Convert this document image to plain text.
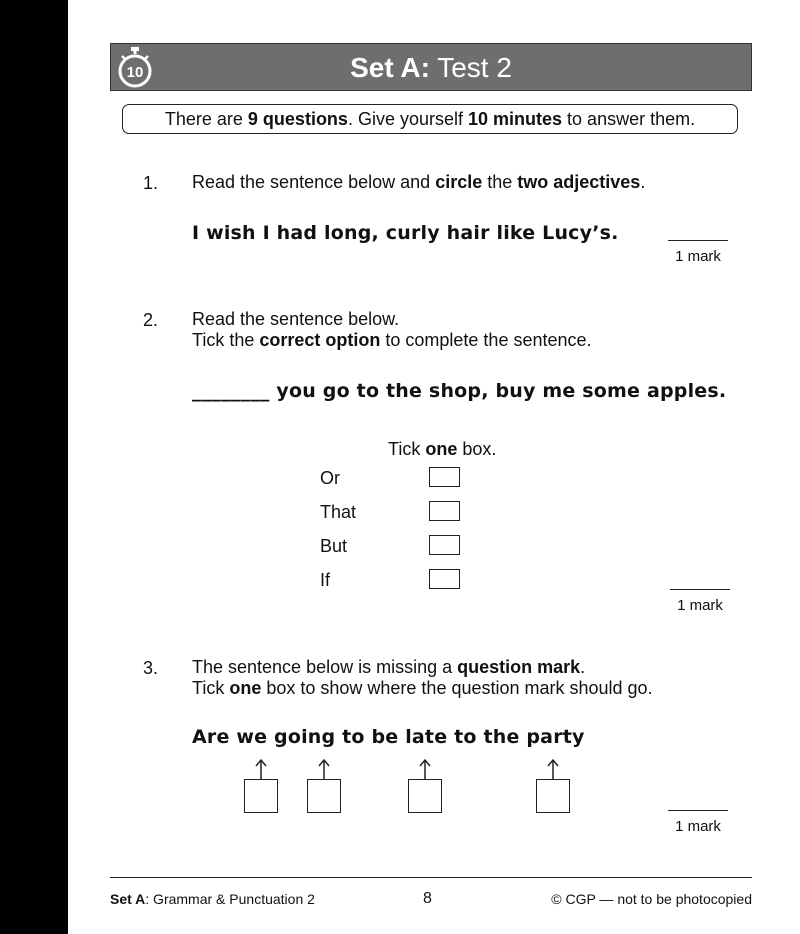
Set A: Test 2
10
There are 9 questions. Give yourself 10 minutes to answer them.
1. Read the sentence below and circle the two adjectives.
I wish I had long, curly hair like Lucy’s.
1 mark
2. Read the sentence below.
Tick the correct option to complete the sentence.
________ you go to the shop, buy me some apples.
Tick one box.
Or
That
But
If
1 mark
3. The sentence below is missing a question mark.
Tick one box to show where the question mark should go.
Are we going to be late to the party
1 mark
Set A: Grammar & Punctuation 2	8	© CGP — not to be photocopied
